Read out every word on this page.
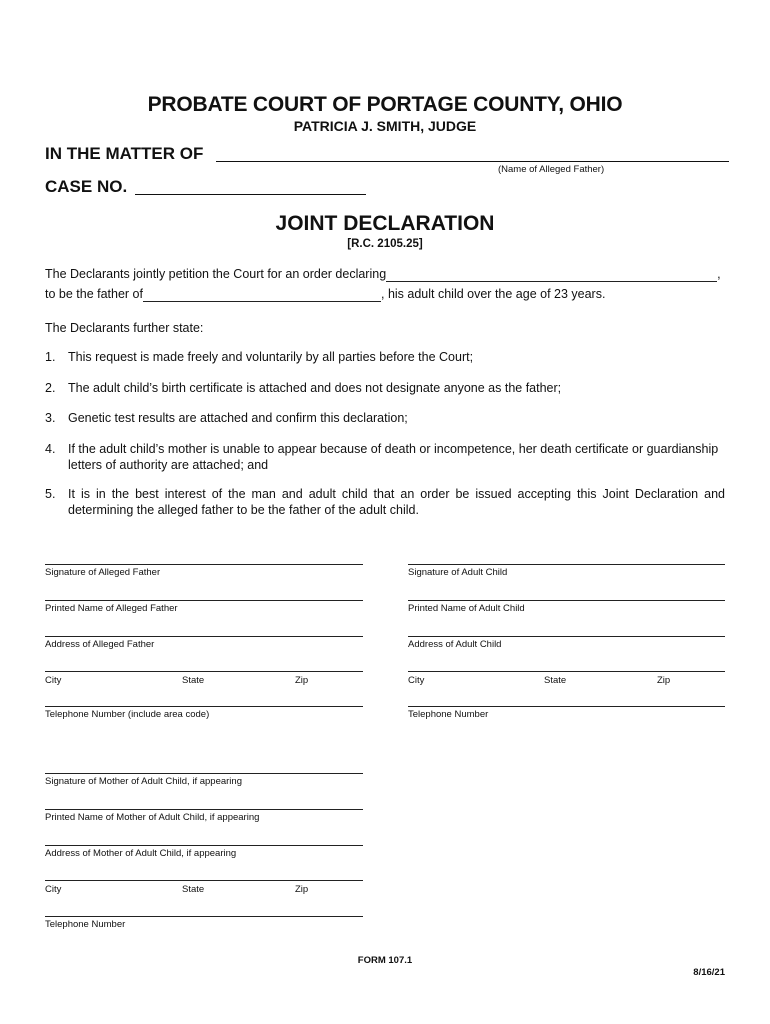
PROBATE COURT OF PORTAGE COUNTY, OHIO
PATRICIA J. SMITH, JUDGE
IN THE MATTER OF
(Name of Alleged Father)
CASE NO.
JOINT DECLARATION
[R.C. 2105.25]
The Declarants jointly petition the Court for an order declaring	,
to be the father of	, his adult child over the age of 23 years.
The Declarants further state:
1. This request is made freely and voluntarily by all parties before the Court;
2. The adult child’s birth certificate is attached and does not designate anyone as the father;
3. Genetic test results are attached and confirm this declaration;
4. If the adult child’s mother is unable to appear because of death or incompetence, her death certificate or guardianship letters of authority are attached; and
5. It is in the best interest of the man and adult child that an order be issued accepting this Joint Declaration and determining the alleged father to be the father of the adult child.
Signature of Alleged Father
Printed Name of Alleged Father
Address of Alleged Father
City	State	Zip
Telephone Number (include area code)
Signature of Adult Child
Printed Name of Adult Child
Address of Adult Child
City	State	Zip
Telephone Number
Signature of Mother of Adult Child, if appearing
Printed Name of Mother of Adult Child, if appearing
Address of Mother of Adult Child, if appearing
City	State	Zip
Telephone Number
FORM 107.1
8/16/21
